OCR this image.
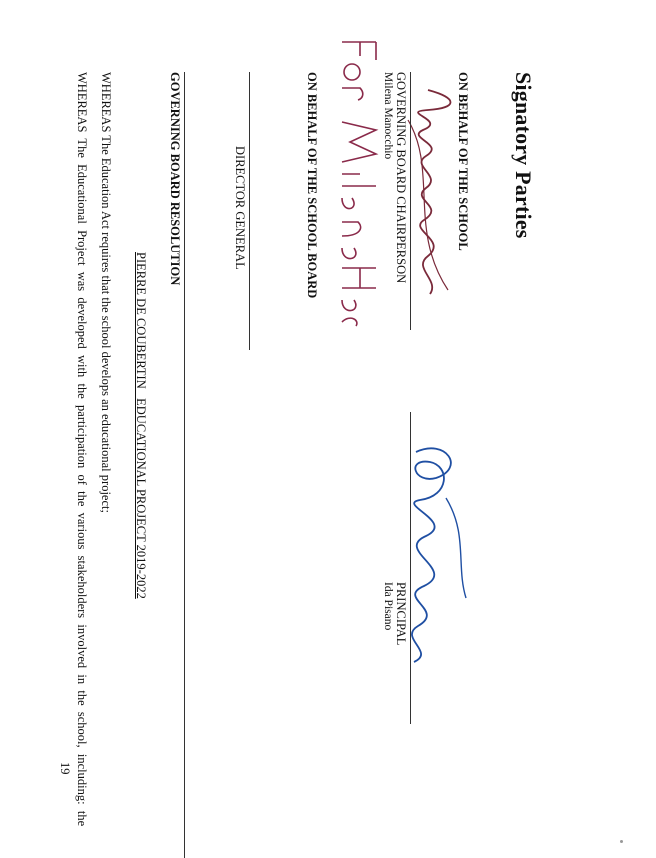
Signatory Parties
ON BEHALF OF THE SCHOOL
GOVERNING BOARD CHAIRPERSON
Milena Manocchio
PRINCIPAL
Ida Pisano
ON BEHALF OF THE SCHOOL BOARD
DIRECTOR GENERAL
GOVERNING BOARD RESOLUTION
PIERRE DE COUBERTIN   EDUCATIONAL PROJECT 2019-2022
WHEREAS The Education Act requires that the school develops an educational project;
WHEREAS  The  Educational  Project  was  developed  with  the  participation  of  the  various  stakeholders  involved  in  the  school,  including:  the
19
